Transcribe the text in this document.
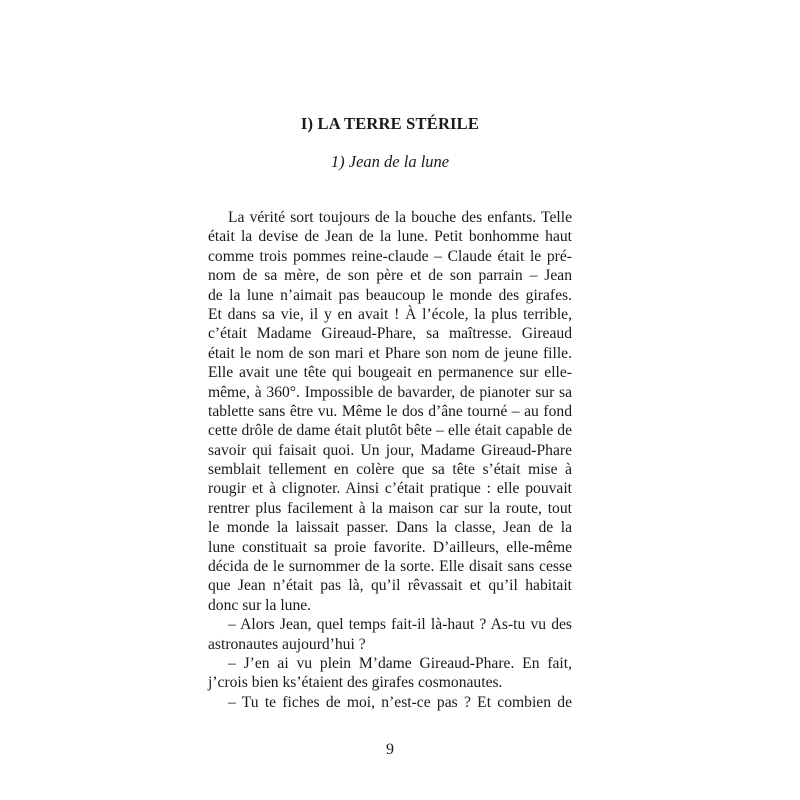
I) LA TERRE STÉRILE
1) Jean de la lune
La vérité sort toujours de la bouche des enfants. Telle
était la devise de Jean de la lune. Petit bonhomme haut
comme trois pommes reine-claude – Claude était le pré-
nom de sa mère, de son père et de son parrain – Jean
de la lune n’aimait pas beaucoup le monde des girafes.
Et dans sa vie, il y en avait ! À l’école, la plus terrible,
c’était Madame Gireaud-Phare, sa maîtresse. Gireaud
était le nom de son mari et Phare son nom de jeune fille.
Elle avait une tête qui bougeait en permanence sur elle-
même, à 360°. Impossible de bavarder, de pianoter sur sa
tablette sans être vu. Même le dos d’âne tourné – au fond
cette drôle de dame était plutôt bête – elle était capable de
savoir qui faisait quoi. Un jour, Madame Gireaud-Phare
semblait tellement en colère que sa tête s’était mise à
rougir et à clignoter. Ainsi c’était pratique : elle pouvait
rentrer plus facilement à la maison car sur la route, tout
le monde la laissait passer. Dans la classe, Jean de la
lune constituait sa proie favorite. D’ailleurs, elle-même
décida de le surnommer de la sorte. Elle disait sans cesse
que Jean n’était pas là, qu’il rêvassait et qu’il habitait
donc sur la lune.
– Alors Jean, quel temps fait-il là-haut ? As-tu vu des
astronautes aujourd’hui ?
– J’en ai vu plein M’dame Gireaud-Phare. En fait,
j’crois bien ks’étaient des girafes cosmonautes.
– Tu te fiches de moi, n’est-ce pas ? Et combien de
9
